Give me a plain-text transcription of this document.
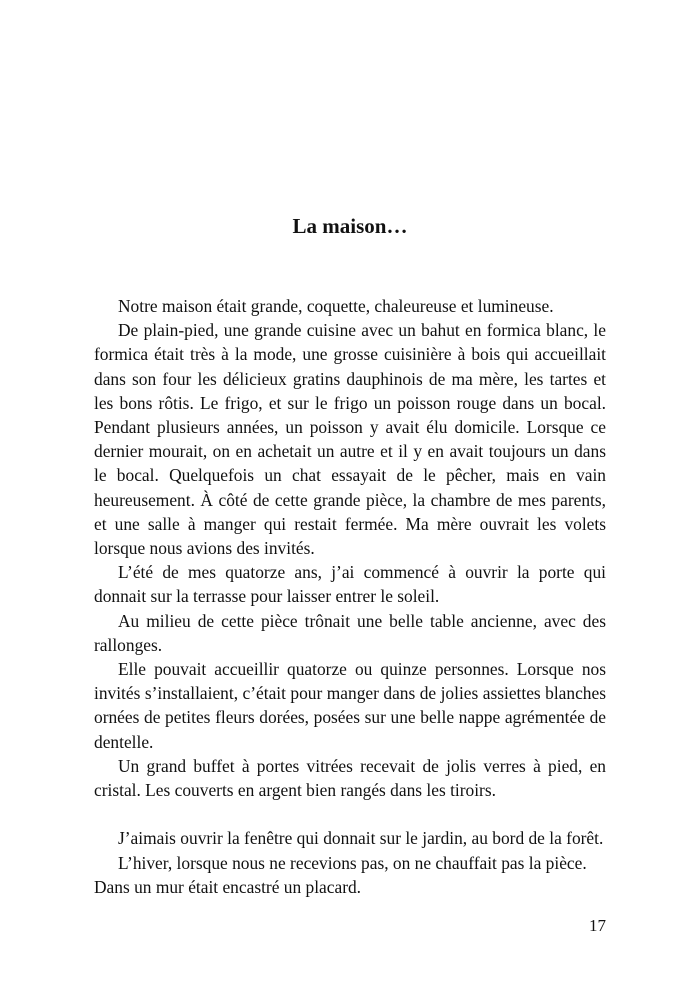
La maison…

Notre maison était grande, coquette, chaleureuse et lumineuse.

De plain-pied, une grande cuisine avec un bahut en formica blanc, le formica était très à la mode, une grosse cuisinière à bois qui accueillait dans son four les délicieux gratins dauphinois de ma mère, les tartes et les bons rôtis. Le frigo, et sur le frigo un poisson rouge dans un bocal. Pendant plusieurs années, un poisson y avait élu domicile. Lorsque ce dernier mourait, on en achetait un autre et il y en avait toujours un dans le bocal. Quelquefois un chat essayait de le pêcher, mais en vain heureusement. À côté de cette grande pièce, la chambre de mes parents, et une salle à manger qui restait fermée. Ma mère ouvrait les volets lorsque nous avions des invités.

L’été de mes quatorze ans, j’ai commencé à ouvrir la porte qui donnait sur la terrasse pour laisser entrer le soleil.

Au milieu de cette pièce trônait une belle table ancienne, avec des rallonges.

Elle pouvait accueillir quatorze ou quinze personnes. Lorsque nos invités s’installaient, c’était pour manger dans de jolies assiettes blanches ornées de petites fleurs dorées, posées sur une belle nappe agrémentée de dentelle.

Un grand buffet à portes vitrées recevait de jolis verres à pied, en cristal. Les couverts en argent bien rangés dans les tiroirs.

J’aimais ouvrir la fenêtre qui donnait sur le jardin, au bord de la forêt.

L’hiver, lorsque nous ne recevions pas, on ne chauffait pas la pièce.

Dans un mur était encastré un placard.

17
